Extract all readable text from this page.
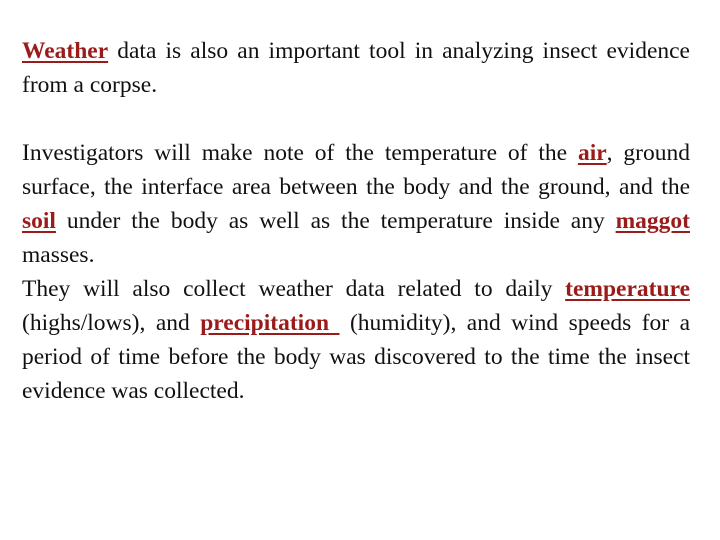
Weather data is also an important tool in analyzing insect evidence from a corpse.

Investigators will make note of the temperature of the air, ground surface, the interface area between the body and the ground, and the soil under the body as well as the temperature inside any maggot masses.

They will also collect weather data related to daily temperature (highs/lows), and precipitation (humidity), and wind speeds for a period of time before the body was discovered to the time the insect evidence was collected.
